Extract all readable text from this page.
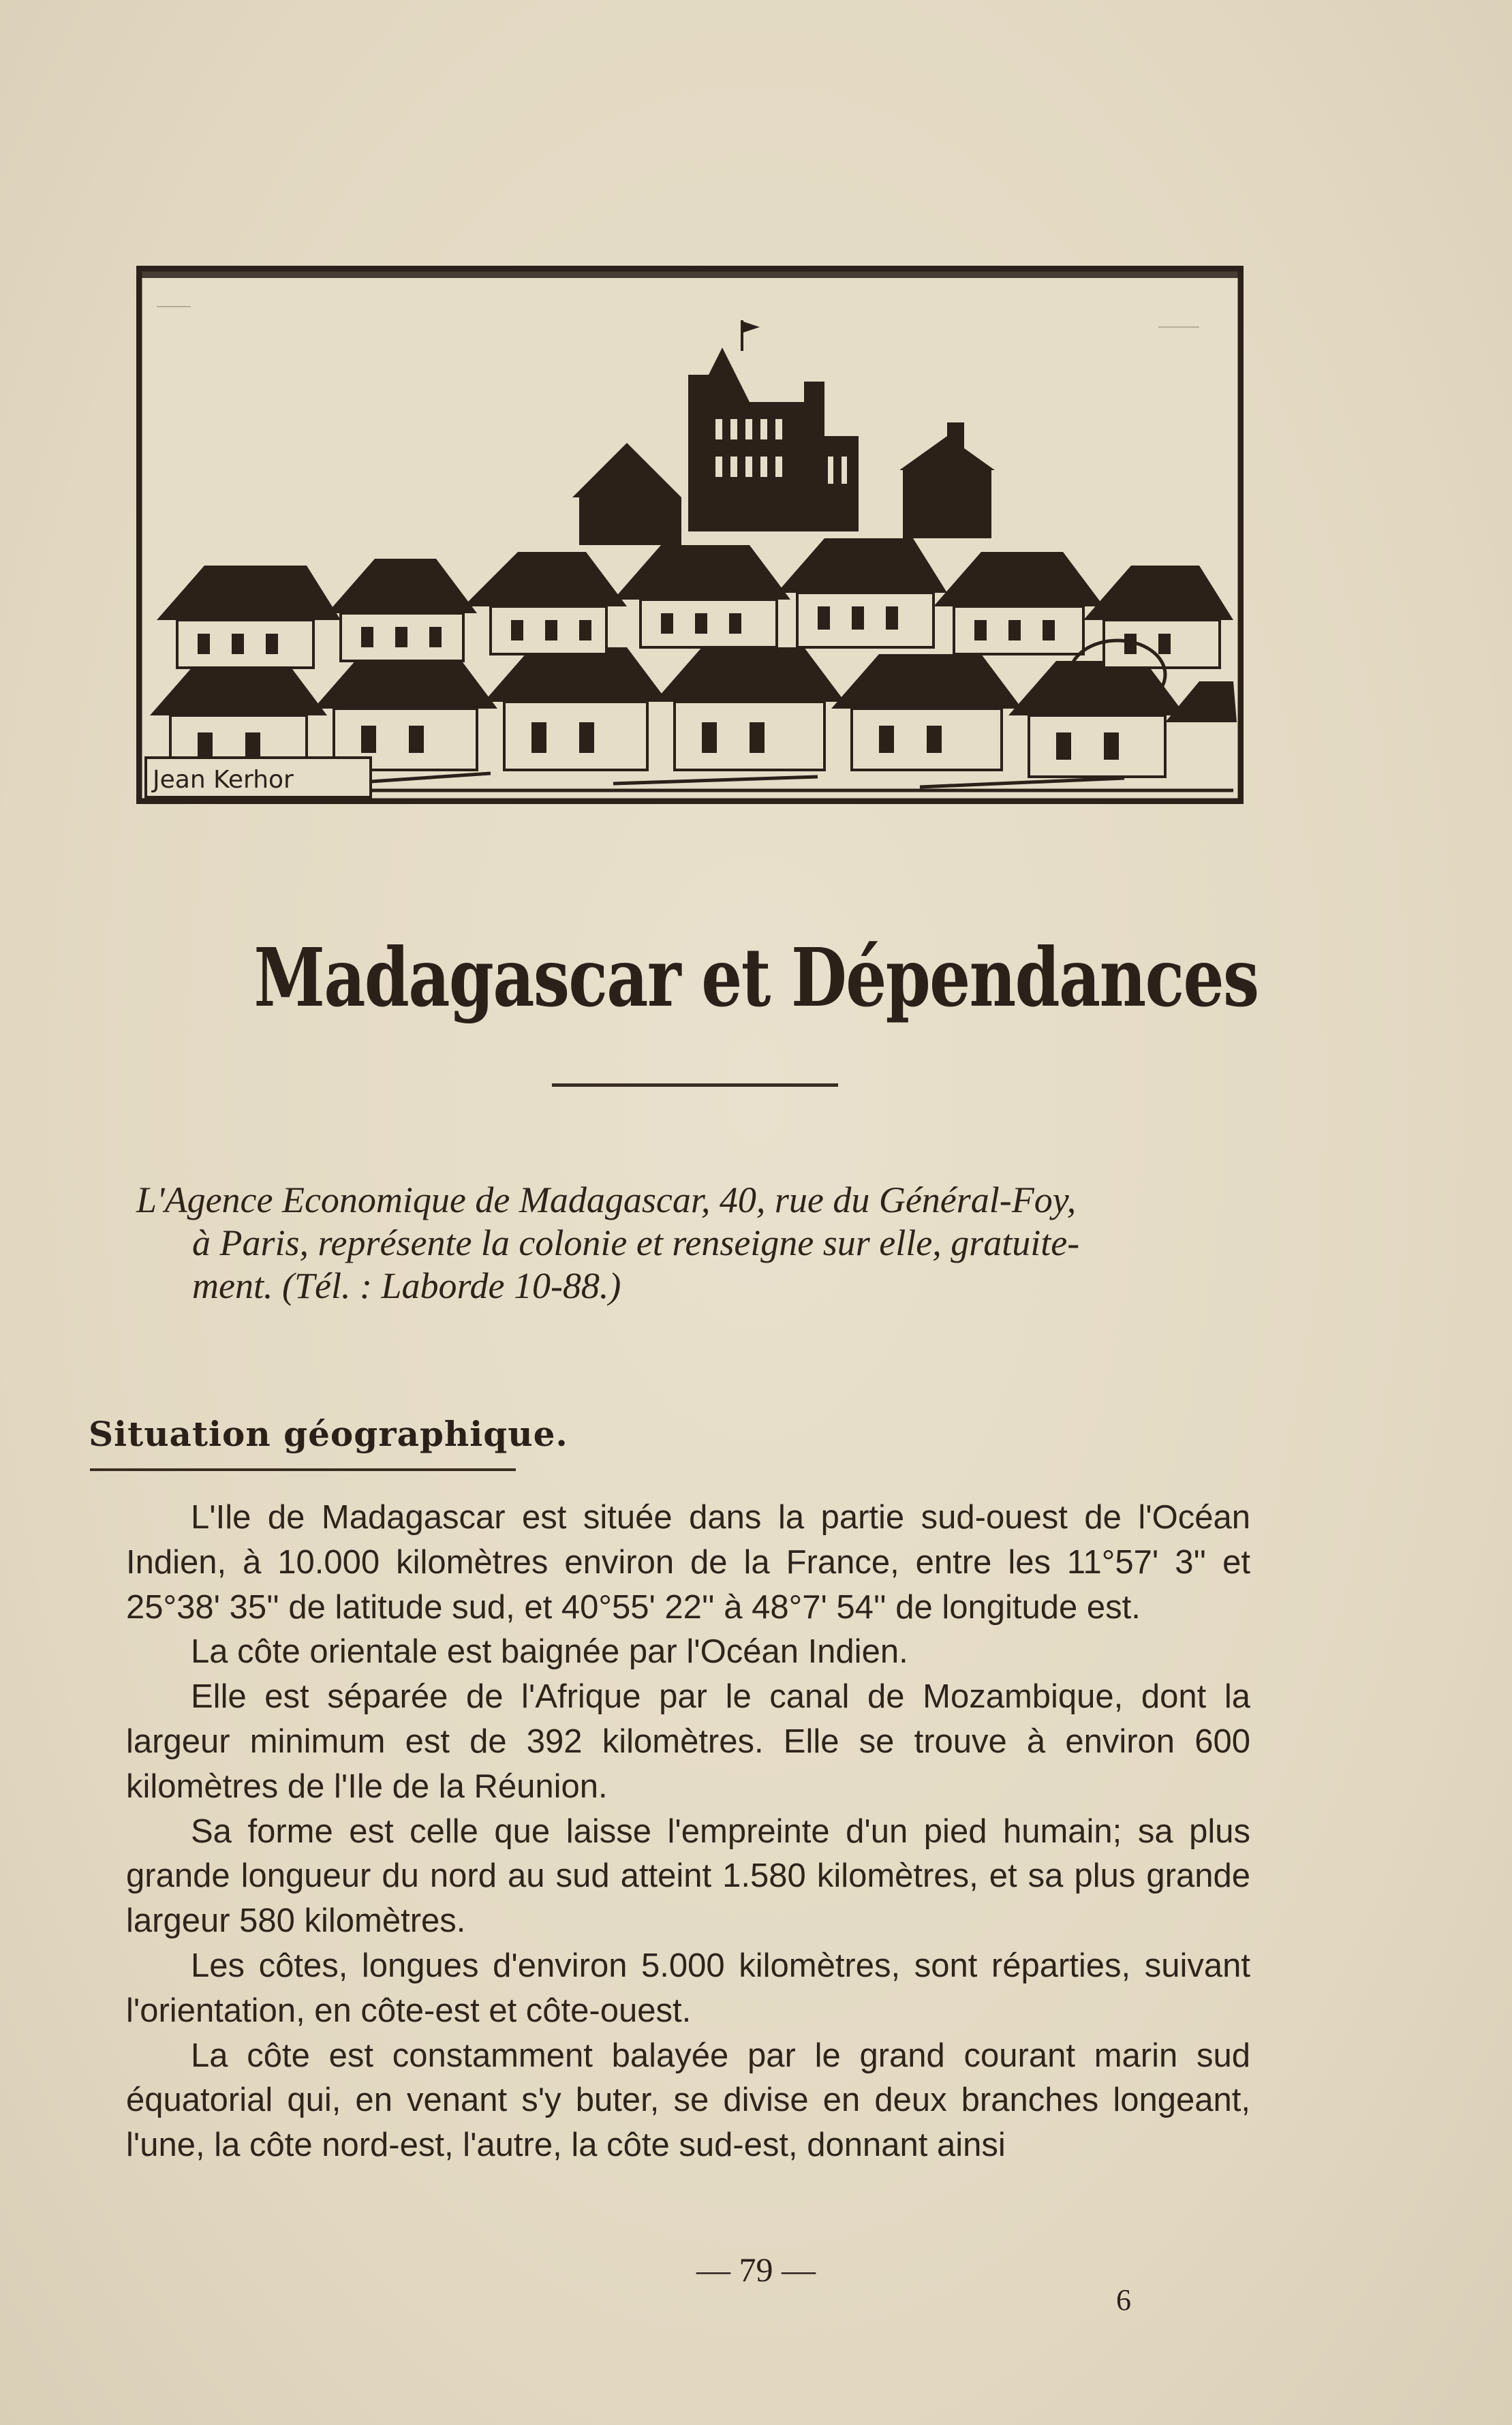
Jean Kerhor
Madagascar et Dépendances
L'Agence Economique de Madagascar, 40, rue du Général-Foy,
à Paris, représente la colonie et renseigne sur elle, gratuite-
ment. (Tél. : Laborde 10-88.)
Situation géographique.

L'Ile de Madagascar est située dans la partie sud-ouest de l'Océan Indien, à 10.000 kilomètres environ de la France, entre les 11°57' 3'' et 25°38' 35'' de latitude sud, et 40°55' 22'' à 48°7' 54'' de longitude est.

La côte orientale est baignée par l'Océan Indien.

Elle est séparée de l'Afrique par le canal de Mozambique, dont la largeur minimum est de 392 kilomètres. Elle se trouve à environ 600 kilomètres de l'Ile de la Réunion.

Sa forme est celle que laisse l'empreinte d'un pied humain; sa plus grande longueur du nord au sud atteint 1.580 kilomètres, et sa plus grande largeur 580 kilomètres.

Les côtes, longues d'environ 5.000 kilomètres, sont réparties, suivant l'orientation, en côte-est et côte-ouest.

La côte est constamment balayée par le grand courant marin sud équatorial qui, en venant s'y buter, se divise en deux branches longeant, l'une, la côte nord-est, l'autre, la côte sud-est, donnant ainsi

— 79 —
6
